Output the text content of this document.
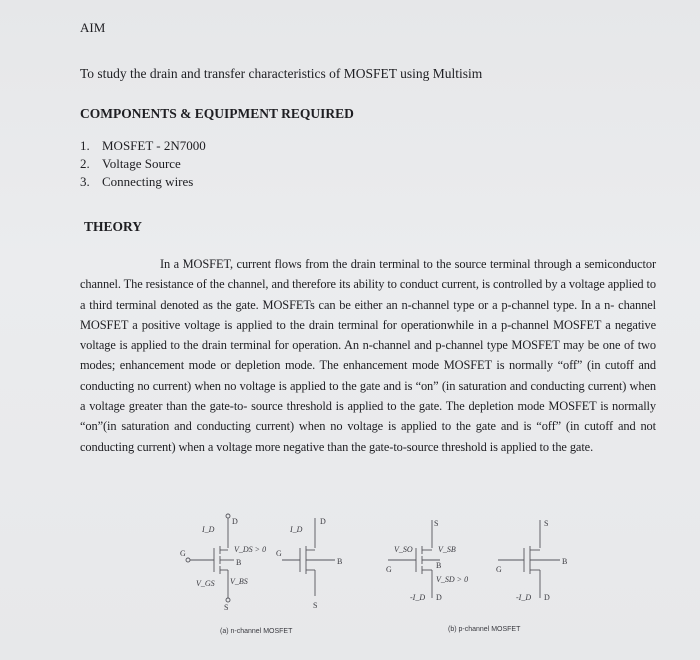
AIM
To study the drain and transfer characteristics of MOSFET using Multisim
COMPONENTS & EQUIPMENT REQUIRED
1. MOSFET - 2N7000
2. Voltage Source
3. Connecting wires
THEORY
In a MOSFET, current flows from the drain terminal to the source terminal through a semiconductor channel. The resistance of the channel, and therefore its ability to conduct current, is controlled by a voltage applied to a third terminal denoted as the gate. MOSFETs can be either an n-channel type or a p-channel type. In a n- channel MOSFET a positive voltage is applied to the drain terminal for operationwhile in a p-channel MOSFET a negative voltage is applied to the drain terminal for operation. An n-channel and p-channel type MOSFET may be one of two modes; enhancement mode or depletion mode. The enhancement mode MOSFET is normally “off” (in cutoff and conducting no current) when no voltage is applied to the gate and is “on” (in saturation and conducting current) when a voltage greater than the gate-to- source threshold is applied to the gate. The depletion mode MOSFET is normally “on”(in saturation and conducting current) when no voltage is applied to the gate and is “off” (in cutoff and not conducting current) when a voltage more negative than the gate-to-source threshold is applied to the gate.
D
I_D
V_DS > 0
B
G
V_GS V_BS
S
D
I_D
B
G
S
S
V_SO	V_SB
B
G
V_SD > 0
-I_D D
S
B
G
-I_D D
(a) n-channel MOSFET	(b) p-channel MOSFET
